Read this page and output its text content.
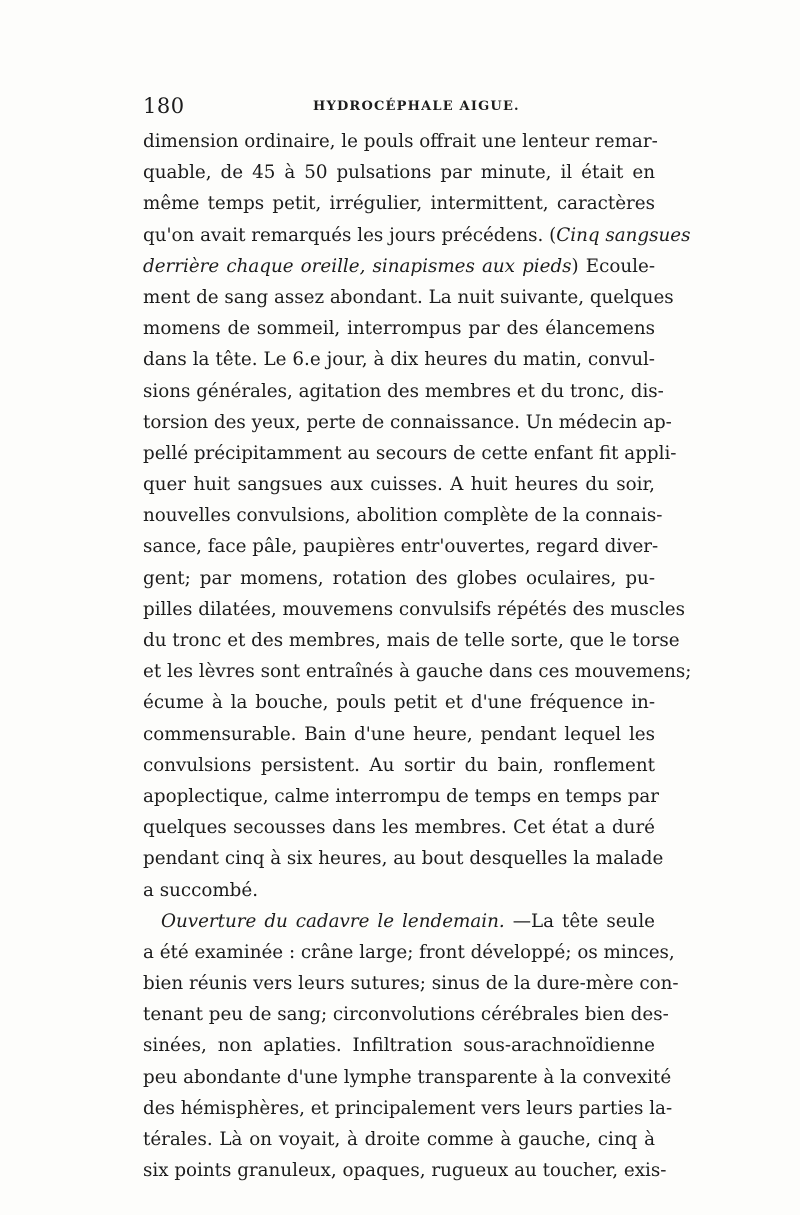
180	HYDROCÉPHALE AIGUE.
dimension ordinaire, le pouls offrait une lenteur remar-
quable, de 45 à 50 pulsations par minute, il était en
même temps petit, irrégulier, intermittent, caractères
qu'on avait remarqués les jours précédens. (Cinq sangsues
derrière chaque oreille, sinapismes aux pieds) Ecoule-
ment de sang assez abondant. La nuit suivante, quelques
momens de sommeil, interrompus par des élancemens
dans la tête. Le 6.e jour, à dix heures du matin, convul-
sions générales, agitation des membres et du tronc, dis-
torsion des yeux, perte de connaissance. Un médecin ap-
pellé précipitamment au secours de cette enfant fit appli-
quer huit sangsues aux cuisses. A huit heures du soir,
nouvelles convulsions, abolition complète de la connais-
sance, face pâle, paupières entr'ouvertes, regard diver-
gent; par momens, rotation des globes oculaires, pu-
pilles dilatées, mouvemens convulsifs répétés des muscles
du tronc et des membres, mais de telle sorte, que le torse
et les lèvres sont entraînés à gauche dans ces mouvemens;
écume à la bouche, pouls petit et d'une fréquence in-
commensurable. Bain d'une heure, pendant lequel les
convulsions persistent. Au sortir du bain, ronflement
apoplectique, calme interrompu de temps en temps par
quelques secousses dans les membres. Cet état a duré
pendant cinq à six heures, au bout desquelles la malade
a succombé.
Ouverture du cadavre le lendemain. —La tête seule
a été examinée : crâne large; front développé; os minces,
bien réunis vers leurs sutures; sinus de la dure-mère con-
tenant peu de sang; circonvolutions cérébrales bien des-
sinées, non aplaties. Infiltration sous-arachnoïdienne
peu abondante d'une lymphe transparente à la convexité
des hémisphères, et principalement vers leurs parties la-
térales. Là on voyait, à droite comme à gauche, cinq à
six points granuleux, opaques, rugueux au toucher, exis-
